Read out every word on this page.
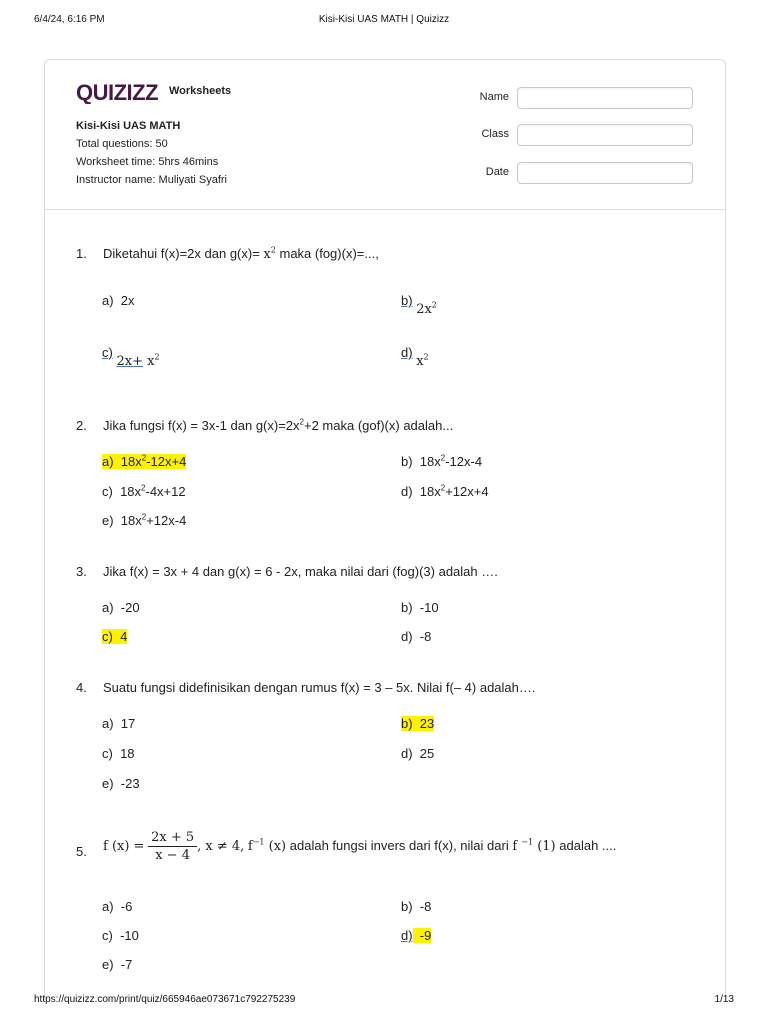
6/4/24, 6:16 PM	Kisi-Kisi UAS MATH | Quizizz
QUIZIZZ Worksheets
Kisi-Kisi UAS MATH
Total questions: 50
Worksheet time: 5hrs 46mins
Instructor name: Muliyati Syafri
Name
Class
Date
1. Diketahui f(x)=2x dan $g(x)= x^2$ maka (fog)(x)=...,
a) 2x	b) $2x^2$
c) $2x+ x^2$	d) $x^2$
2. Jika fungsi f(x) = 3x-1 dan $g(x)=2x^2+2$ maka (gof)(x) adalah...
a) $18x^2-12x+4$	b) $18x^2-12x-4$
c) $18x^2-4x+12$	d) $18x^2+12x+4$
e) $18x^2+12x-4$
3. Jika f(x) = 3x + 4 dan g(x) = 6 - 2x, maka nilai dari (fog)(3) adalah ….
a) -20	b) -10
c) 4	d) -8
4. Suatu fungsi didefinisikan dengan rumus f(x) = 3 – 5x. Nilai f(– 4) adalah….
a) 17	b) 23
c) 18	d) 25
e) -23
5. f $(x) = \frac{2x + 5}{x - 4}$ , x ≠ 4, $f^{-1}$ (x) adalah fungsi invers dari f(x), nilai dari f $^{-1}$ (1) adalah ....
a) -6	b) -8
c) -10	d) -9
e) -7
https://quizizz.com/print/quiz/665946ae073671c792275239	1/13
